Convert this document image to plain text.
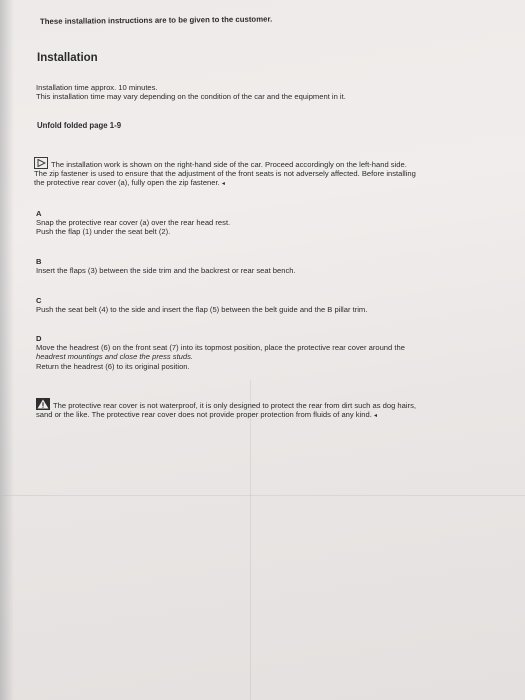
These installation instructions are to be given to the customer.
Installation
Installation time approx. 10 minutes.
This installation time may vary depending on the condition of the car and the equipment in it.
Unfold folded page 1-9
The installation work is shown on the right-hand side of the car. Proceed accordingly on the left-hand side.
The zip fastener is used to ensure that the adjustment of the front seats is not adversely affected. Before installing
the protective rear cover (a), fully open the zip fastener. ◂
A
Snap the protective rear cover (a) over the rear head rest.
Push the flap (1) under the seat belt (2).
B
Insert the flaps (3) between the side trim and the backrest or rear seat bench.
C
Push the seat belt (4) to the side and insert the flap (5) between the belt guide and the B pillar trim.
D
Move the headrest (6) on the front seat (7) into its topmost position, place the protective rear cover around the
headrest mountings and close the press studs.
Return the headrest (6) to its original position.
The protective rear cover is not waterproof, it is only designed to protect the rear from dirt such as dog hairs,
sand or the like. The protective rear cover does not provide proper protection from fluids of any kind. ◂
